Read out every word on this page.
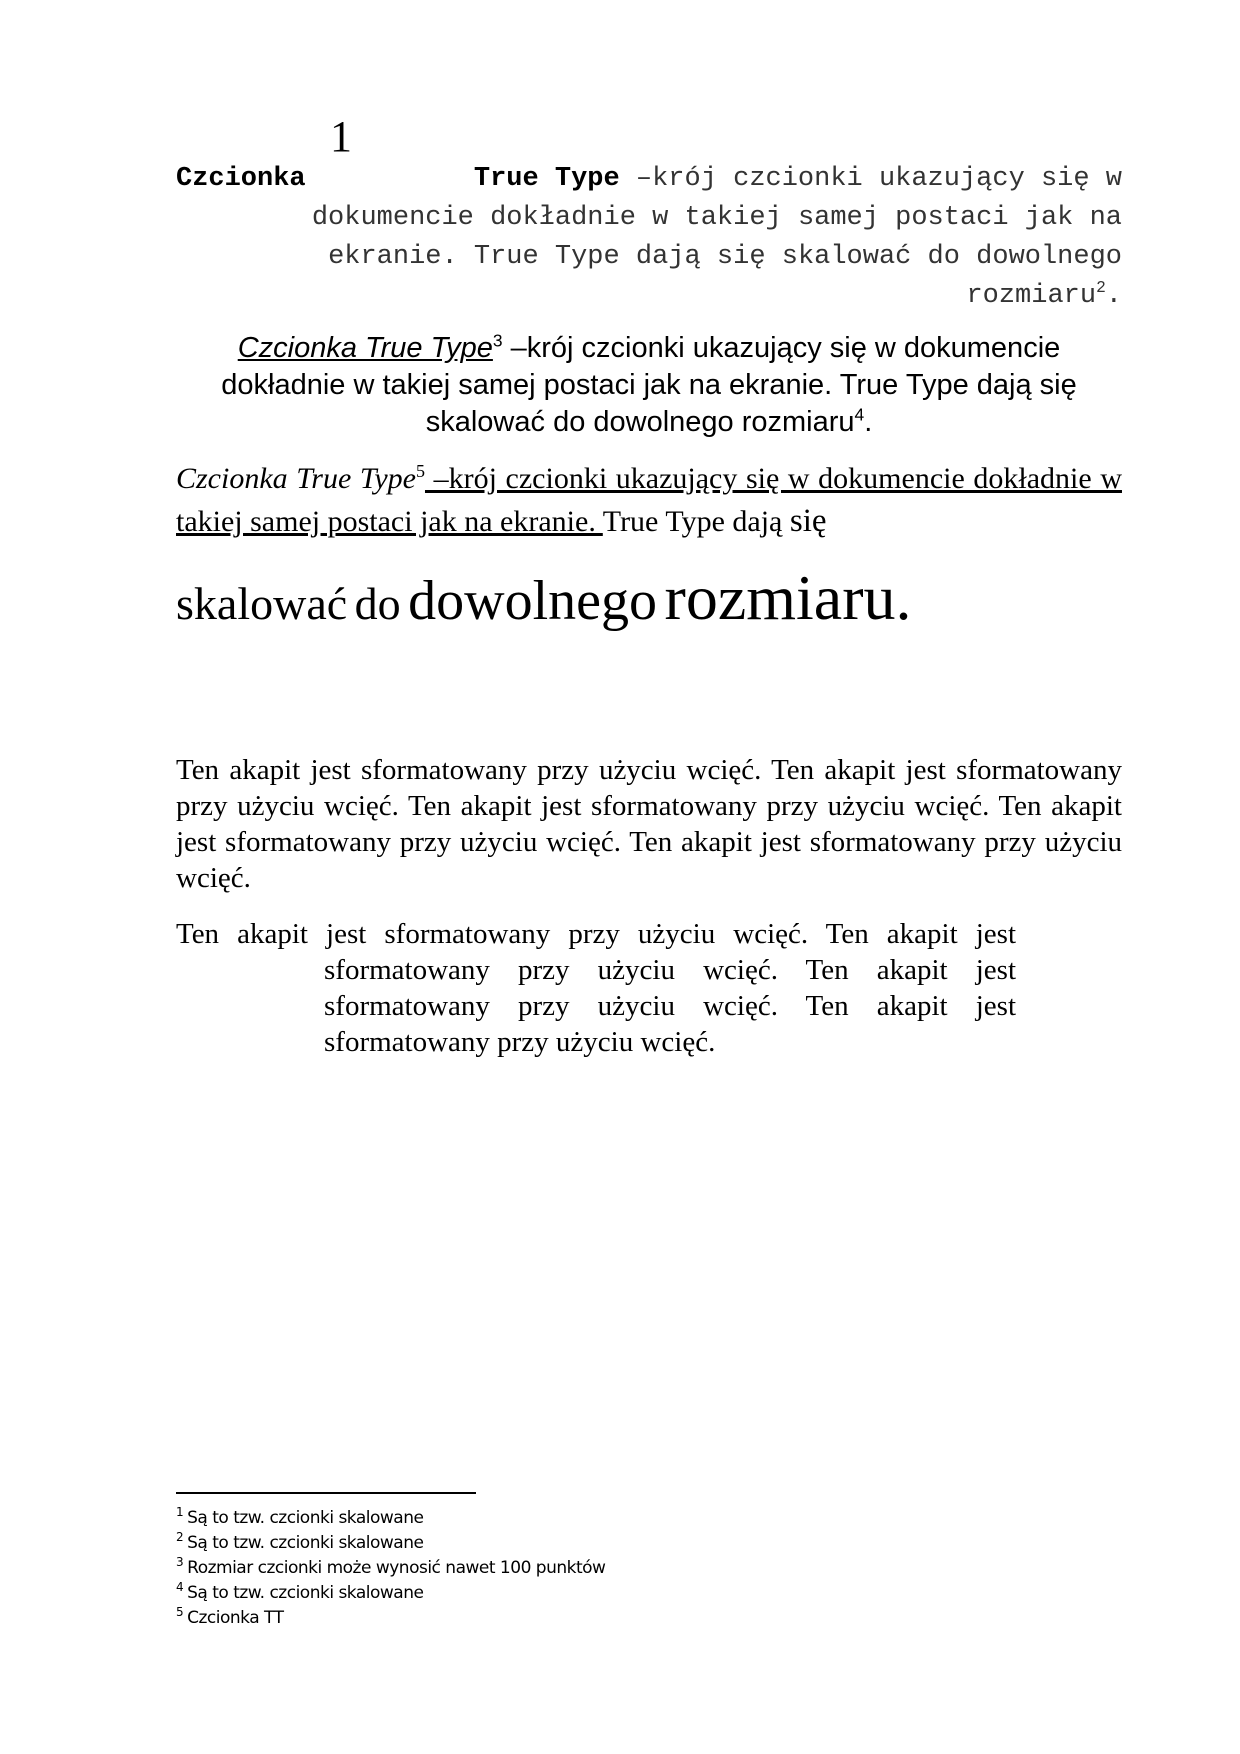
1
Czcionka	True Type –krój czcionki ukazujący się w
dokumencie dokładnie w takiej samej postaci jak na
ekranie. True Type dają się skalować do dowolnego
rozmiaru$^2$.
Czcionka True Type$^3$ –krój czcionki ukazujący się w dokumencie dokładnie w takiej samej postaci jak na ekranie. True Type dają się skalować do dowolnego rozmiaru$^4$.
Czcionka True Type$^5$ –krój czcionki ukazujący się w dokumencie dokładnie w takiej samej postaci jak na ekranie. True Type dają się
skalować do dowolnego rozmiaru.
Ten akapit jest sformatowany przy użyciu wcięć. Ten akapit jest sformatowany przy użyciu wcięć. Ten akapit jest sformatowany przy użyciu wcięć. Ten akapit jest sformatowany przy użyciu wcięć. Ten akapit jest sformatowany przy użyciu wcięć.
Ten akapit jest sformatowany przy użyciu wcięć. Ten akapit jest sformatowany przy użyciu wcięć. Ten akapit jest sformatowany przy użyciu wcięć. Ten akapit jest sformatowany przy użyciu wcięć.
$^1$ Są to tzw. czcionki skalowane
$^2$ Są to tzw. czcionki skalowane
$^3$ Rozmiar czcionki może wynosić nawet 100 punktów
$^4$ Są to tzw. czcionki skalowane
$^5$ Czcionka TT
